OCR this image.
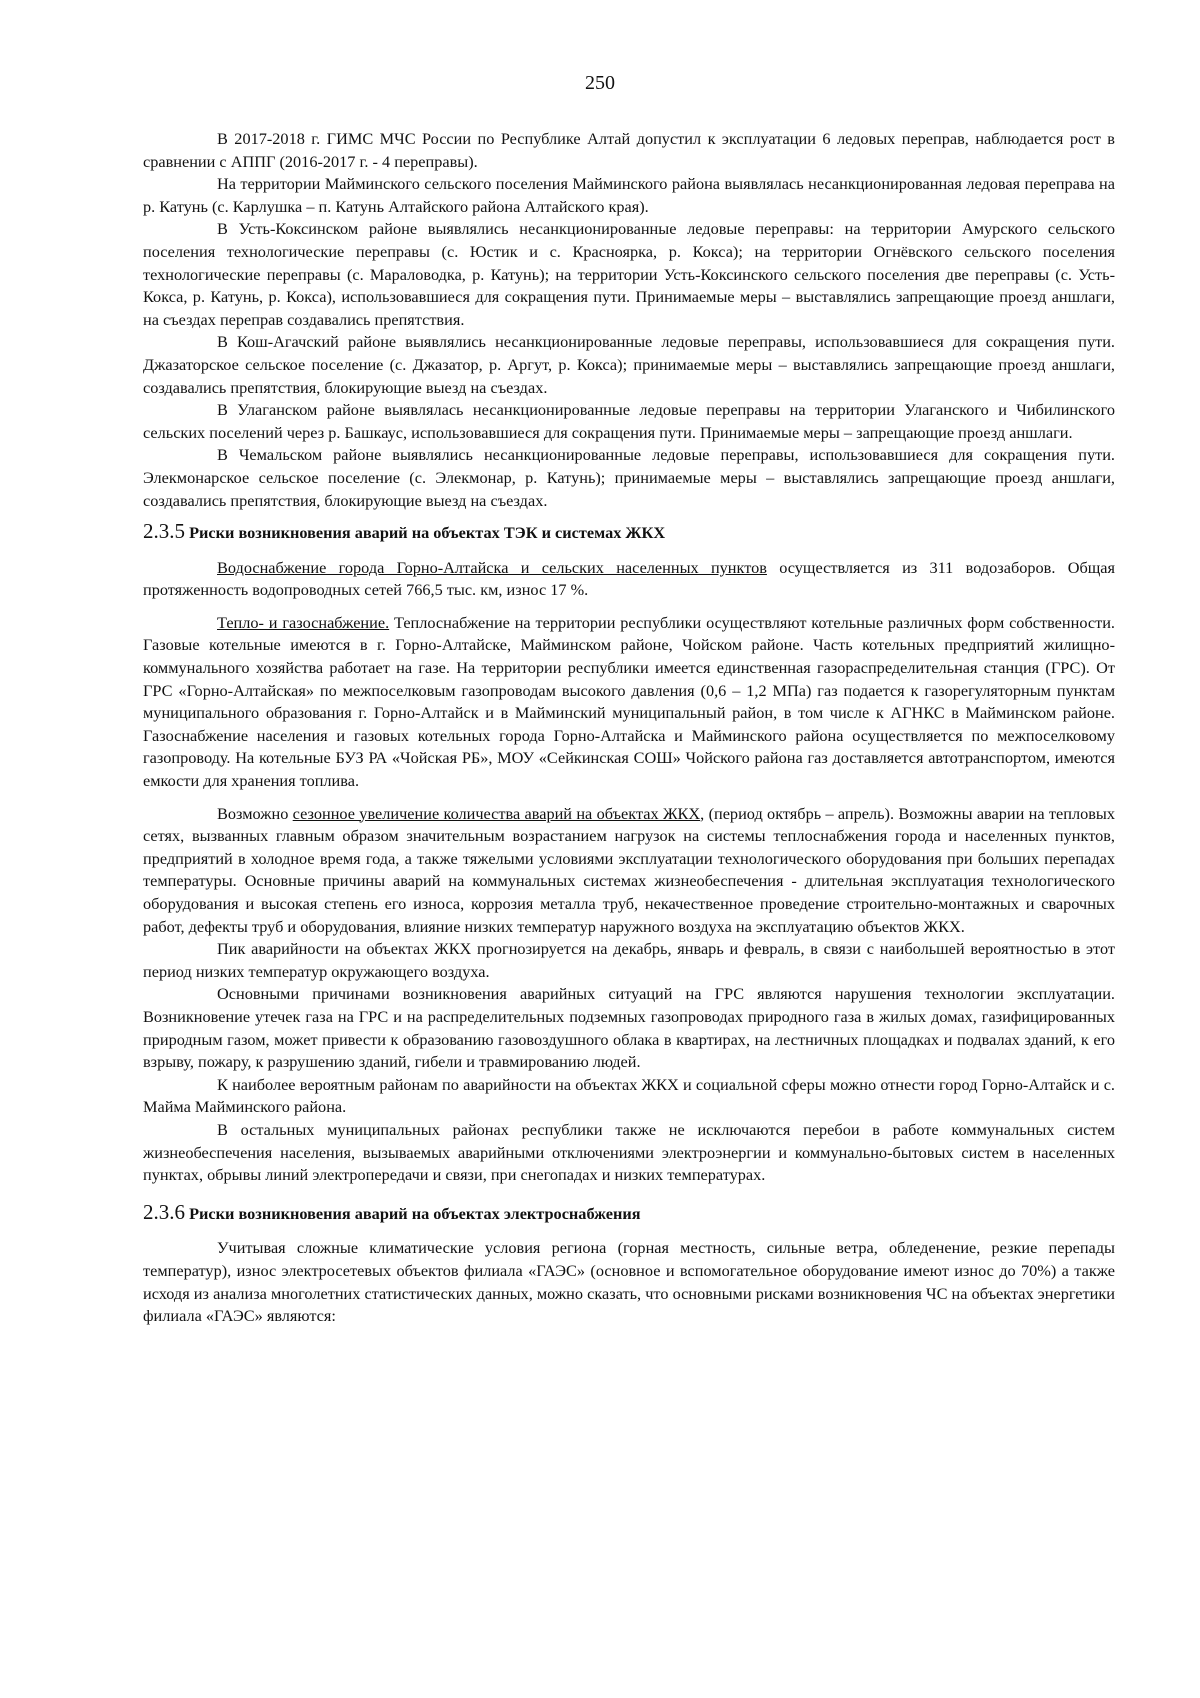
250

В 2017-2018 г. ГИМС МЧС России по Республике Алтай допустил к эксплуатации 6 ледовых переправ, наблюдается рост в сравнении с АППГ (2016-2017 г. - 4 переправы).

На территории Майминского сельского поселения Майминского района выявлялась несанкционированная ледовая переправа на р. Катунь (с. Карлушка – п. Катунь Алтайского района Алтайского края).

В Усть-Коксинском районе выявлялись несанкционированные ледовые переправы: на территории Амурского сельского поселения технологические переправы (с. Юстик и с. Красноярка, р. Кокса); на территории Огнёвского сельского поселения технологические переправы (с. Мараловодка, р. Катунь); на территории Усть-Коксинского сельского поселения две переправы (с. Усть-Кокса, р. Катунь, р. Кокса), использовавшиеся для сокращения пути. Принимаемые меры – выставлялись запрещающие проезд аншлаги, на съездах переправ создавались препятствия.

В Кош-Агачский районе выявлялись несанкционированные ледовые переправы, использовавшиеся для сокращения пути. Джазаторское сельское поселение (с. Джазатор, р. Аргут, р. Кокса); принимаемые меры – выставлялись запрещающие проезд аншлаги, создавались препятствия, блокирующие выезд на съездах.

В Улаганском районе выявлялась несанкционированные ледовые переправы на территории Улаганского и Чибилинского сельских поселений через р. Башкаус, использовавшиеся для сокращения пути. Принимаемые меры – запрещающие проезд аншлаги.

В Чемальском районе выявлялись несанкционированные ледовые переправы, использовавшиеся для сокращения пути. Элекмонарское сельское поселение (с. Элекмонар, р. Катунь); принимаемые меры – выставлялись запрещающие проезд аншлаги, создавались препятствия, блокирующие выезд на съездах.

2.3.5 Риски возникновения аварий на объектах ТЭК и системах ЖКХ

Водоснабжение города Горно-Алтайска и сельских населенных пунктов осуществляется из 311 водозаборов. Общая протяженность водопроводных сетей 766,5 тыс. км, износ 17 %.

Тепло- и газоснабжение. Теплоснабжение на территории республики осуществляют котельные различных форм собственности. Газовые котельные имеются в г. Горно-Алтайске, Майминском районе, Чойском районе. Часть котельных предприятий жилищно-коммунального хозяйства работает на газе. На территории республики имеется единственная газораспределительная станция (ГРС). От ГРС «Горно-Алтайская» по межпоселковым газопроводам высокого давления (0,6 – 1,2 МПа) газ подается к газорегуляторным пунктам муниципального образования г. Горно-Алтайск и в Майминский муниципальный район, в том числе к АГНКС в Майминском районе. Газоснабжение населения и газовых котельных города Горно-Алтайска и Майминского района осуществляется по межпоселковому газопроводу. На котельные БУЗ РА «Чойская РБ», МОУ «Сейкинская СОШ» Чойского района газ доставляется автотранспортом, имеются емкости для хранения топлива.

Возможно сезонное увеличение количества аварий на объектах ЖКХ, (период октябрь – апрель). Возможны аварии на тепловых сетях, вызванных главным образом значительным возрастанием нагрузок на системы теплоснабжения города и населенных пунктов, предприятий в холодное время года, а также тяжелыми условиями эксплуатации технологического оборудования при больших перепадах температуры. Основные причины аварий на коммунальных системах жизнеобеспечения - длительная эксплуатация технологического оборудования и высокая степень его износа, коррозия металла труб, некачественное проведение строительно-монтажных и сварочных работ, дефекты труб и оборудования, влияние низких температур наружного воздуха на эксплуатацию объектов ЖКХ.

Пик аварийности на объектах ЖКХ прогнозируется на декабрь, январь и февраль, в связи с наибольшей вероятностью в этот период низких температур окружающего воздуха.

Основными причинами возникновения аварийных ситуаций на ГРС являются нарушения технологии эксплуатации. Возникновение утечек газа на ГРС и на распределительных подземных газопроводах природного газа в жилых домах, газифицированных природным газом, может привести к образованию газовоздушного облака в квартирах, на лестничных площадках и подвалах зданий, к его взрыву, пожару, к разрушению зданий, гибели и травмированию людей.

К наиболее вероятным районам по аварийности на объектах ЖКХ и социальной сферы можно отнести город Горно-Алтайск и с. Майма Майминского района.

В остальных муниципальных районах республики также не исключаются перебои в работе коммунальных систем жизнеобеспечения населения, вызываемых аварийными отключениями электроэнергии и коммунально-бытовых систем в населенных пунктах, обрывы линий электропередачи и связи, при снегопадах и низких температурах.

2.3.6 Риски возникновения аварий на объектах электроснабжения

Учитывая сложные климатические условия региона (горная местность, сильные ветра, обледенение, резкие перепады температур), износ электросетевых объектов филиала «ГАЭС» (основное и вспомогательное оборудование имеют износ до 70%) а также исходя из анализа многолетних статистических данных, можно сказать, что основными рисками возникновения ЧС на объектах энергетики филиала «ГАЭС» являются:
